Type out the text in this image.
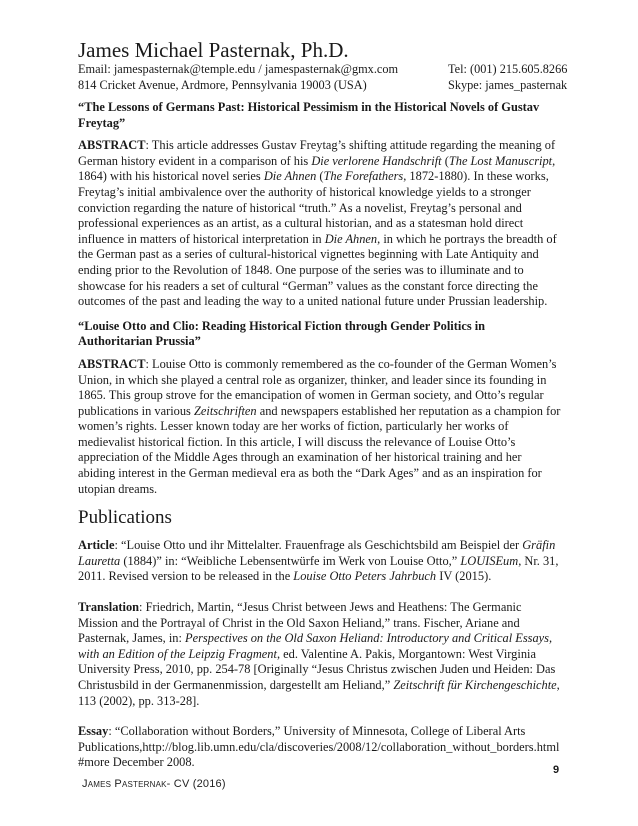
James Michael Pasternak, Ph.D.
Email: jamespasternak@temple.edu / jamespasternak@gmx.com	Tel: (001) 215.605.8266
814 Cricket Avenue, Ardmore, Pennsylvania 19003 (USA)	Skype: james_pasternak

“The Lessons of Germans Past: Historical Pessimism in the Historical Novels of Gustav Freytag”

ABSTRACT: This article addresses Gustav Freytag’s shifting attitude regarding the meaning of German history evident in a comparison of his Die verlorene Handschrift (The Lost Manuscript, 1864) with his historical novel series Die Ahnen (The Forefathers, 1872-1880). In these works, Freytag’s initial ambivalence over the authority of historical knowledge yields to a stronger conviction regarding the nature of historical “truth.” As a novelist, Freytag’s personal and professional experiences as an artist, as a cultural historian, and as a statesman hold direct influence in matters of historical interpretation in Die Ahnen, in which he portrays the breadth of the German past as a series of cultural-historical vignettes beginning with Late Antiquity and ending prior to the Revolution of 1848. One purpose of the series was to illuminate and to showcase for his readers a set of cultural “German” values as the constant force directing the outcomes of the past and leading the way to a united national future under Prussian leadership.

“Louise Otto and Clio: Reading Historical Fiction through Gender Politics in Authoritarian Prussia”

ABSTRACT: Louise Otto is commonly remembered as the co-founder of the German Women’s Union, in which she played a central role as organizer, thinker, and leader since its founding in 1865. This group strove for the emancipation of women in German society, and Otto’s regular publications in various Zeitschriften and newspapers established her reputation as a champion for women’s rights. Lesser known today are her works of fiction, particularly her works of medievalist historical fiction. In this article, I will discuss the relevance of Louise Otto’s appreciation of the Middle Ages through an examination of her historical training and her abiding interest in the German medieval era as both the “Dark Ages” and as an inspiration for utopian dreams.

Publications

Article: “Louise Otto und ihr Mittelalter. Frauenfrage als Geschichtsbild am Beispiel der Gräfin Lauretta (1884)” in: “Weibliche Lebensentwürfe im Werk von Louise Otto,” LOUISEum, Nr. 31, 2011. Revised version to be released in the Louise Otto Peters Jahrbuch IV (2015).

Translation: Friedrich, Martin, “Jesus Christ between Jews and Heathens: The Germanic Mission and the Portrayal of Christ in the Old Saxon Heliand,” trans. Fischer, Ariane and Pasternak, James, in: Perspectives on the Old Saxon Heliand: Introductory and Critical Essays, with an Edition of the Leipzig Fragment, ed. Valentine A. Pakis, Morgantown: West Virginia University Press, 2010, pp. 254-78 [Originally “Jesus Christus zwischen Juden und Heiden: Das Christusbild in der Germanenmission, dargestellt am Heliand,” Zeitschrift für Kirchengeschichte, 113 (2002), pp. 313-28].

Essay: “Collaboration without Borders,” University of Minnesota, College of Liberal Arts Publications,http://blog.lib.umn.edu/cla/discoveries/2008/12/collaboration_without_borders.html #more December 2008.

9
James Pasternak- CV (2016)
